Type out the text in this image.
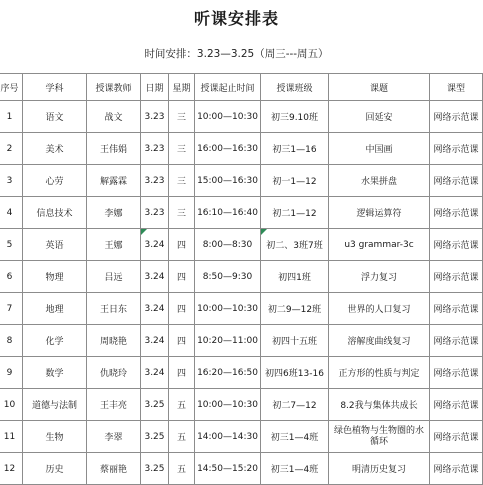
听课安排表
时间安排：3.23—3.25（周三---周五）
序号	学科	授课教师	日期	星期	授课起止时间	授课班级	课题	课型
1	语文	战文	3.23	三	10:00—10:30	初三9.10班	回延安	网络示范课
2	美术	王伟娟	3.23	三	16:00—16:30	初三1—16	中国画	网络示范课
3	心劳	解露霖	3.23	三	15:00—16:30	初一1—12	水果拼盘	网络示范课
4	信息技术	李娜	3.23	三	16:10—16:40	初二1—12	逻辑运算符	网络示范课
5	英语	王娜	3.24	四	8:00—8:30	初二、3班7班	u3 grammar-3c	网络示范课
6	物理	吕远	3.24	四	8:50—9:30	初四1班	浮力复习	网络示范课
7	地理	王日东	3.24	四	10:00—10:30	初二9—12班	世界的人口复习	网络示范课
8	化学	周晓艳	3.24	四	10:20—11:00	初四十五班	溶解度曲线复习	网络示范课
9	数学	仇晓玲	3.24	四	16:20—16:50	初四6班13-16	正方形的性质与判定	网络示范课
10	道德与法制	王丰亮	3.25	五	10:00—10:30	初二7—12	8.2我与集体共成长	网络示范课
11	生物	李翠	3.25	五	14:00—14:30	初三1—4班	绿色植物与生物圈的水循环	网络示范课
12	历史	蔡丽艳	3.25	五	14:50—15:20	初三1—4班	明清历史复习	网络示范课
